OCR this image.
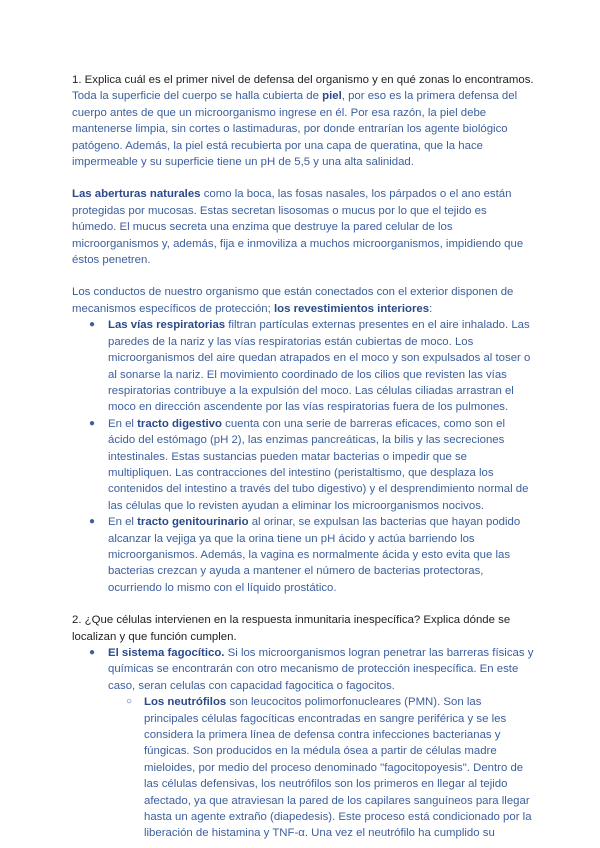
1. Explica cuál es el primer nivel de defensa del organismo y en qué zonas lo encontramos.

Toda la superficie del cuerpo se halla cubierta de piel, por eso es la primera defensa del cuerpo antes de que un microorganismo ingrese en él. Por esa razón, la piel debe mantenerse limpia, sin cortes o lastimaduras, por donde entrarían los agente biológico patógeno. Además, la piel está recubierta por una capa de queratina, que la hace impermeable y su superficie tiene un pH de 5,5 y una alta salinidad.

Las aberturas naturales como la boca, las fosas nasales, los párpados o el ano están protegidas por mucosas. Estas secretan lisosomas o mucus por lo que el tejido es húmedo. El mucus secreta una enzima que destruye la pared celular de los microorganismos y, además, fija e inmoviliza a muchos microorganismos, impidiendo que éstos penetren.

Los conductos de nuestro organismo que están conectados con el exterior disponen de mecanismos específicos de protección; los revestimientos interiores:

● Las vías respiratorias filtran partículas externas presentes en el aire inhalado. Las paredes de la nariz y las vías respiratorias están cubiertas de moco. Los microorganismos del aire quedan atrapados en el moco y son expulsados al toser o al sonarse la nariz. El movimiento coordinado de los cilios que revisten las vías respiratorias contribuye a la expulsión del moco. Las células ciliadas arrastran el moco en dirección ascendente por las vías respiratorias fuera de los pulmones.
● En el tracto digestivo cuenta con una serie de barreras eficaces, como son el ácido del estómago (pH 2), las enzimas pancreáticas, la bilis y las secreciones intestinales. Estas sustancias pueden matar bacterias o impedir que se multipliquen. Las contracciones del intestino (peristaltismo, que desplaza los contenidos del intestino a través del tubo digestivo) y el desprendimiento normal de las células que lo revisten ayudan a eliminar los microorganismos nocivos.
● En el tracto genitourinario al orinar, se expulsan las bacterias que hayan podido alcanzar la vejiga ya que la orina tiene un pH ácido y actúa barriendo los microorganismos. Además, la vagina es normalmente ácida y esto evita que las bacterias crezcan y ayuda a mantener el número de bacterias protectoras, ocurriendo lo mismo con el líquido prostático.

2. ¿Que células intervienen en la respuesta inmunitaria inespecífica? Explica dónde se localizan y que función cumplen.

● El sistema fagocítico. Si los microorganismos logran penetrar las barreras físicas y químicas se encontrarán con otro mecanismo de protección inespecífica. En este caso, seran celulas con capacidad fagocitica o fagocitos.
○ Los neutrófilos son leucocitos polimorfonucleares (PMN). Son las principales células fagocíticas encontradas en sangre periférica y se les considera la primera línea de defensa contra infecciones bacterianas y fúngicas. Son producidos en la médula ósea a partir de células madre mieloides, por medio del proceso denominado "fagocitopoyesis". Dentro de las células defensivas, los neutrófilos son los primeros en llegar al tejido afectado, ya que atraviesan la pared de los capilares sanguíneos para llegar hasta un agente extraño (diapedesis). Este proceso está condicionado por la liberación de histamina y TNF-α. Una vez el neutrófilo ha cumplido su
